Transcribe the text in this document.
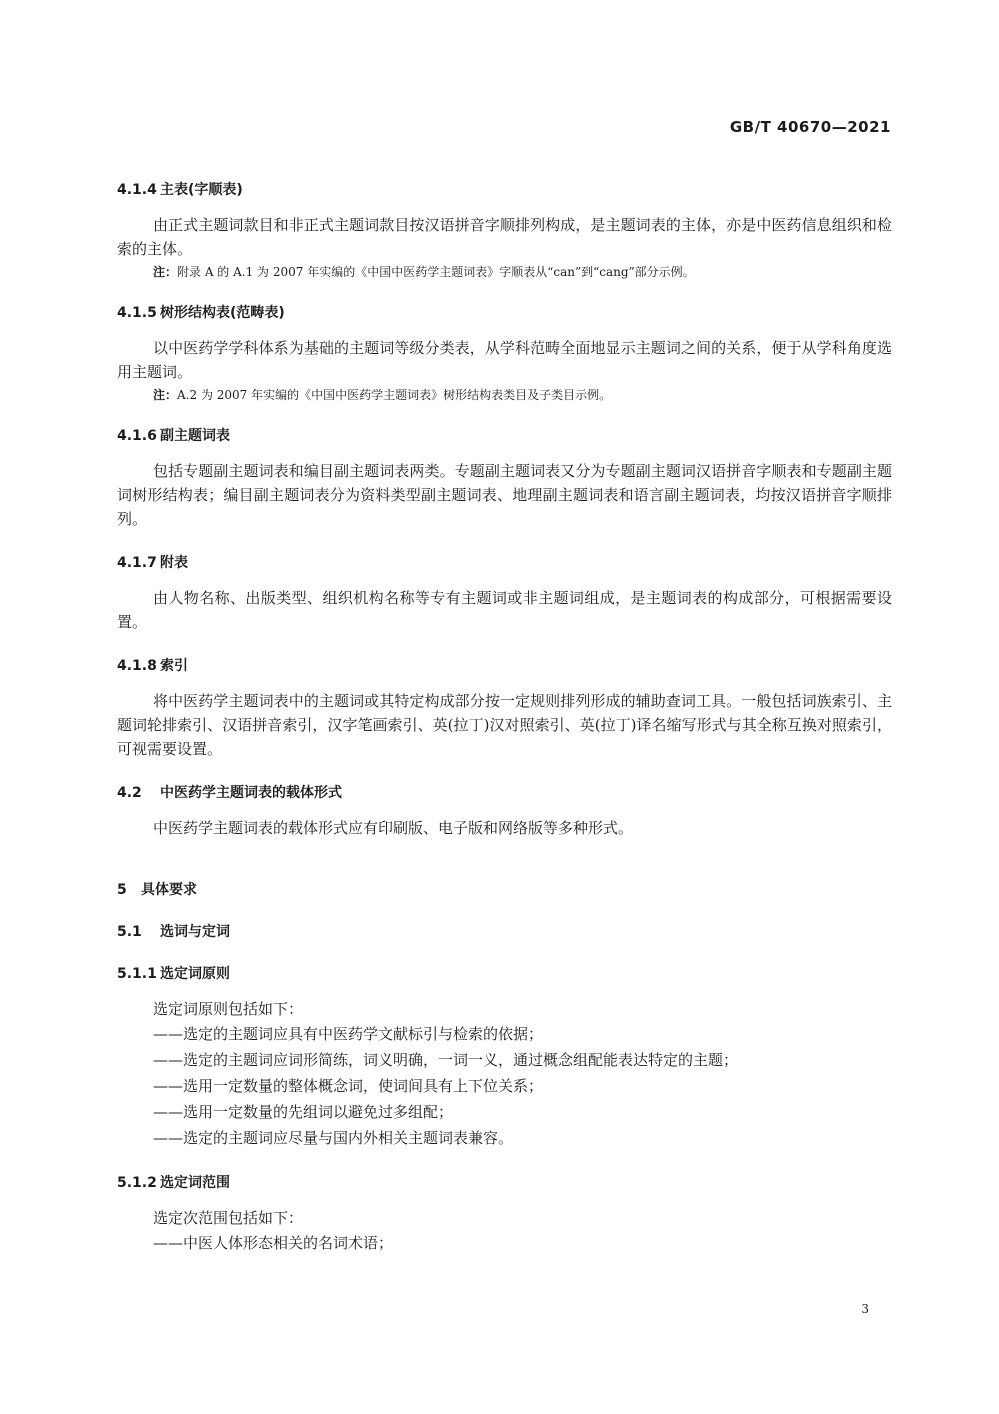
GB/T 40670—2021
4.1.4 主表(字顺表)
由正式主题词款目和非正式主题词款目按汉语拼音字顺排列构成，是主题词表的主体，亦是中医药信息组织和检索的主体。
注：附录 A 的 A.1 为 2007 年实编的《中国中医药学主题词表》字顺表从“can”到“cang”部分示例。
4.1.5 树形结构表(范畴表)
以中医药学学科体系为基础的主题词等级分类表，从学科范畴全面地显示主题词之间的关系，便于从学科角度选用主题词。
注：A.2 为 2007 年实编的《中国中医药学主题词表》树形结构表类目及子类目示例。
4.1.6 副主题词表
包括专题副主题词表和编目副主题词表两类。专题副主题词表又分为专题副主题词汉语拼音字顺表和专题副主题词树形结构表；编目副主题词表分为资料类型副主题词表、地理副主题词表和语言副主题词表，均按汉语拼音字顺排列。
4.1.7 附表
由人物名称、出版类型、组织机构名称等专有主题词或非主题词组成，是主题词表的构成部分，可根据需要设置。
4.1.8 索引
将中医药学主题词表中的主题词或其特定构成部分按一定规则排列形成的辅助查词工具。一般包括词族索引、主题词轮排索引、汉语拼音索引，汉字笔画索引、英(拉丁)汉对照索引、英(拉丁)译名缩写形式与其全称互换对照索引，可视需要设置。
4.2 中医药学主题词表的载体形式
中医药学主题词表的载体形式应有印刷版、电子版和网络版等多种形式。
5 具体要求
5.1 选词与定词
5.1.1 选定词原则
选定词原则包括如下：
——选定的主题词应具有中医药学文献标引与检索的依据；
——选定的主题词应词形简练，词义明确，一词一义，通过概念组配能表达特定的主题；
——选用一定数量的整体概念词，使词间具有上下位关系；
——选用一定数量的先组词以避免过多组配；
——选定的主题词应尽量与国内外相关主题词表兼容。
5.1.2 选定词范围
选定次范围包括如下：
——中医人体形态相关的名词术语；
3
